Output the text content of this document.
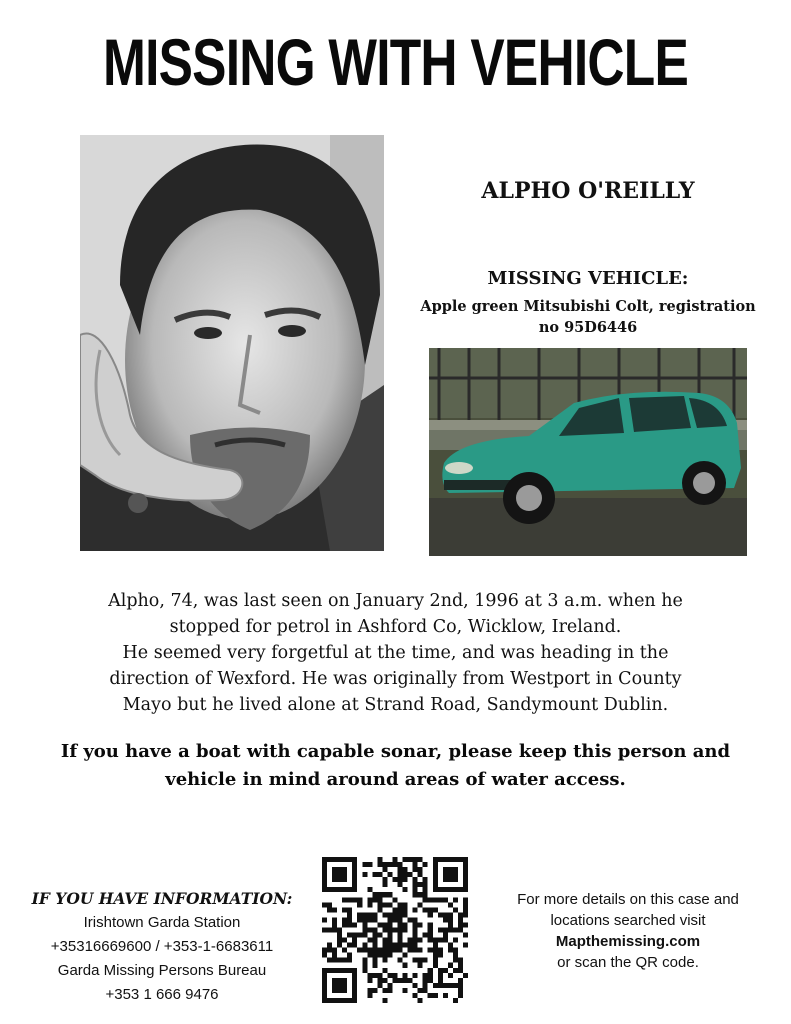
MISSING WITH VEHICLE
ALPHO O'REILLY
MISSING VEHICLE:
Apple green Mitsubishi Colt, registration
no 95D6446
Alpho, 74, was last seen on January 2nd, 1996 at 3 a.m. when he
stopped for petrol in Ashford Co, Wicklow, Ireland.
He seemed very forgetful at the time, and was heading in the
direction of Wexford. He was originally from Westport in County
Mayo but he lived alone at Strand Road, Sandymount Dublin.
If you have a boat with capable sonar, please keep this person and
vehicle in mind around areas of water access.
IF YOU HAVE INFORMATION:
Irishtown Garda Station
+35316669600 / +353-1-6683611
Garda Missing Persons Bureau
+353 1 666 9476
For more details on this case and
locations searched visit
Mapthemissing.com
or scan the QR code.
